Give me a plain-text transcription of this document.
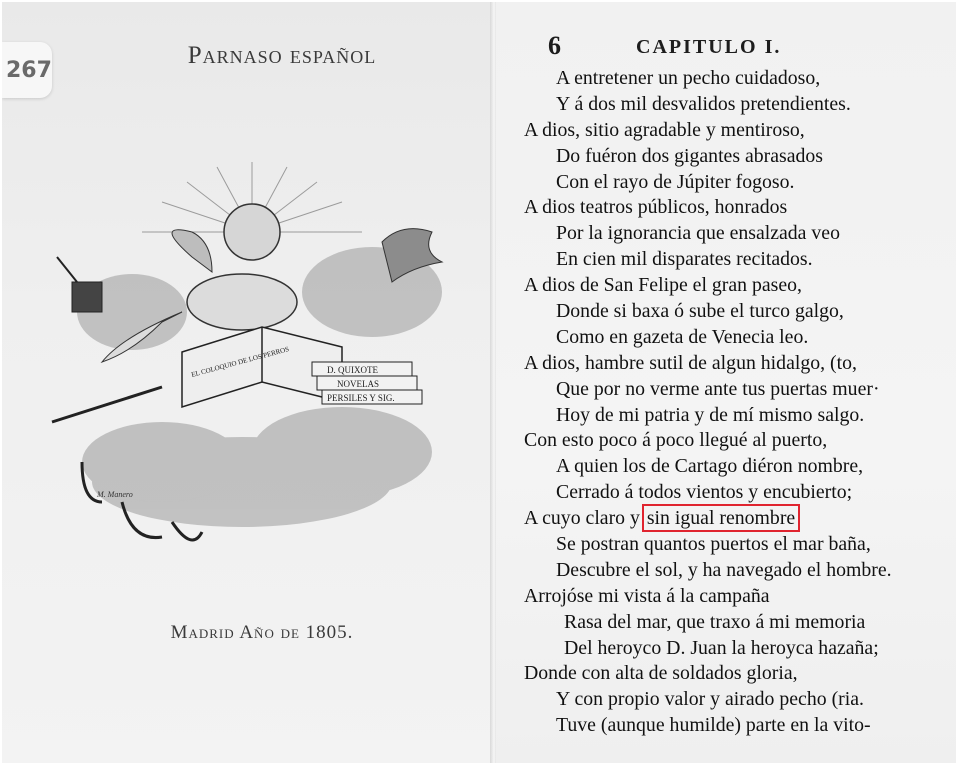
267
Parnaso español
EL COLOQUIO DE LOS PERROS	D. QUIXOTE
NOVELAS
PERSILES Y SIG.
M. Manero
Madrid Año de 1805.
6	CAPITULO I.
A entretener un pecho cuidadoso,
Y á dos mil desvalidos pretendientes.
A dios, sitio agradable y mentiroso,
Do fuéron dos gigantes abrasados
Con el rayo de Júpiter fogoso.
A dios teatros públicos, honrados
Por la ignorancia que ensalzada veo
En cien mil disparates recitados.
A dios de San Felipe el gran paseo,
Donde si baxa ó sube el turco galgo,
Como en gazeta de Venecia leo.
A dios, hambre sutil de algun hidalgo, (to,
Que por no verme ante tus puertas muer·
Hoy de mi patria y de mí mismo salgo.
Con esto poco á poco llegué al puerto,
A quien los de Cartago diéron nombre,
Cerrado á todos vientos y encubierto;
A cuyo claro y sin igual renombre
Se postran quantos puertos el mar baña,
Descubre el sol, y ha navegado el hombre.
Arrojóse mi vista á la campaña
Rasa del mar, que traxo á mi memoria
Del heroyco D. Juan la heroyca hazaña;
Donde con alta de soldados gloria,
Y con propio valor y airado pecho (ria.
Tuve (aunque humilde) parte en la vito-
